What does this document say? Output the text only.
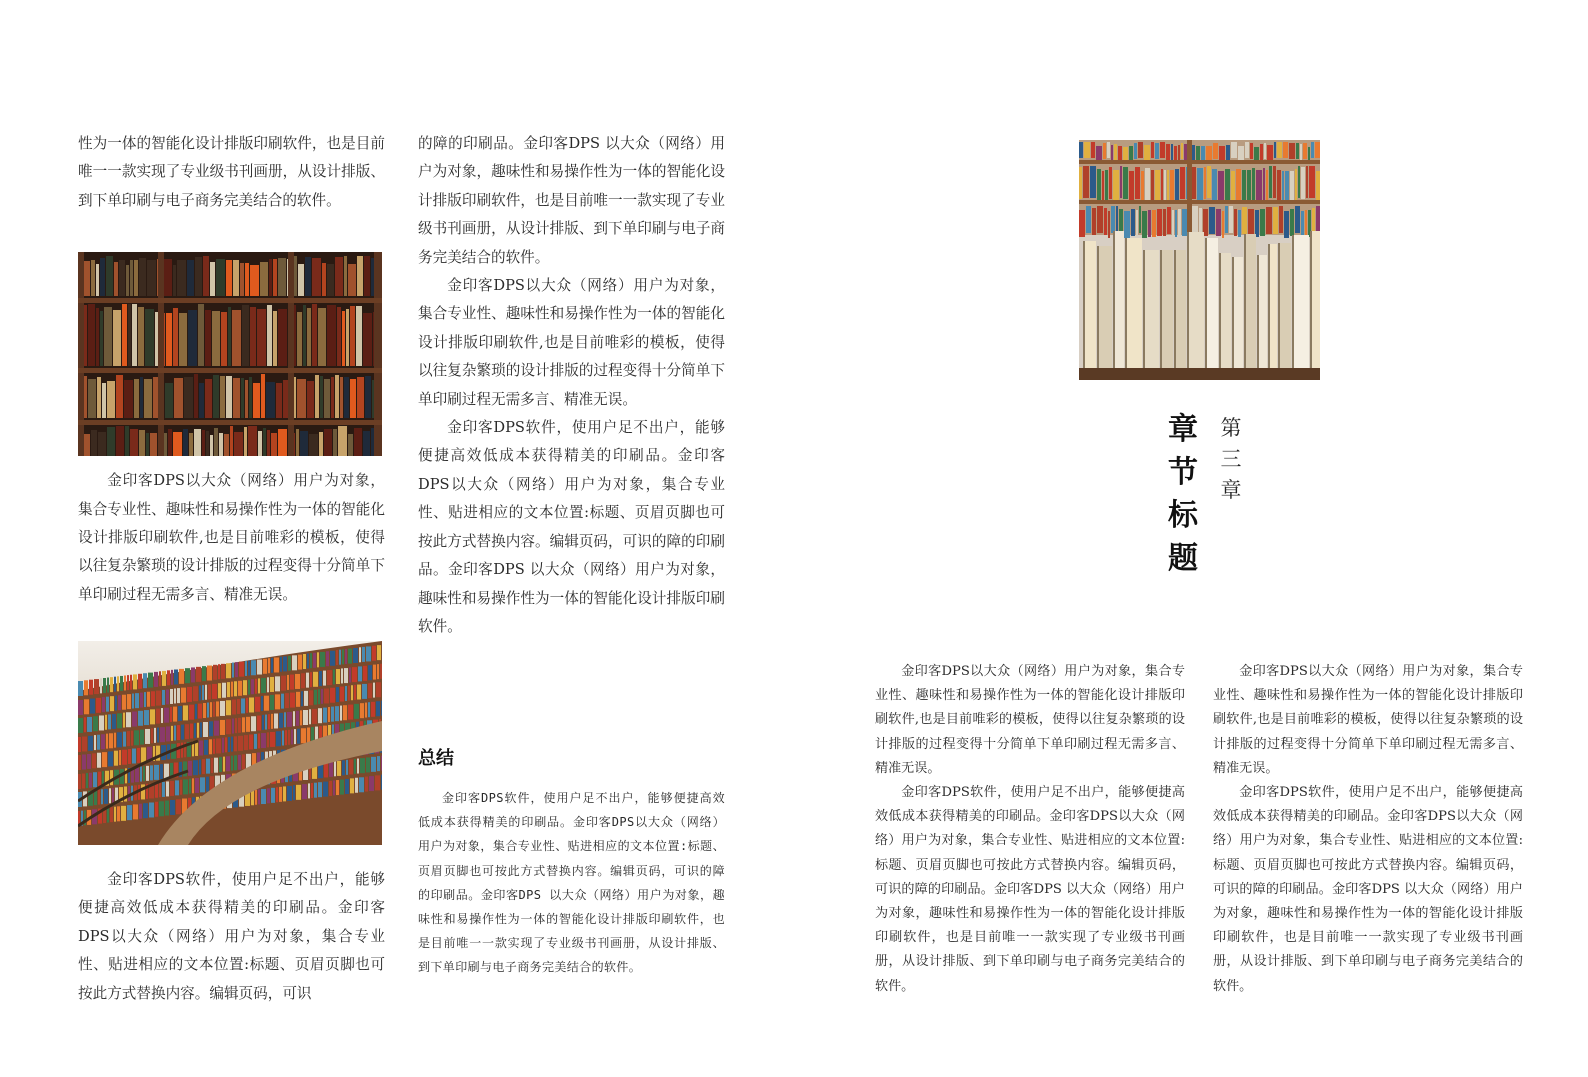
性为一体的智能化设计排版印刷软件，也是目前唯一一款实现了专业级书刊画册，从设计排版、到下单印刷与电子商务完美结合的软件。

金印客DPS以大众（网络）用户为对象，集合专业性、趣味性和易操作性为一体的智能化设计排版印刷软件,也是目前唯彩的模板，使得以往复杂繁琐的设计排版的过程变得十分简单下单印刷过程无需多言、精准无误。

金印客DPS软件，使用户足不出户，能够便捷高效低成本获得精美的印刷品。金印客DPS以大众（网络）用户为对象，集合专业性、贴进相应的文本位置:标题、页眉页脚也可按此方式替换内容。编辑页码，可识

的障的印刷品。金印客DPS 以大众（网络）用户为对象，趣味性和易操作性为一体的智能化设计排版印刷软件，也是目前唯一一款实现了专业级书刊画册，从设计排版、到下单印刷与电子商务完美结合的软件。

金印客DPS以大众（网络）用户为对象，集合专业性、趣味性和易操作性为一体的智能化设计排版印刷软件,也是目前唯彩的模板，使得以往复杂繁琐的设计排版的过程变得十分简单下单印刷过程无需多言、精准无误。

金印客DPS软件，使用户足不出户，能够便捷高效低成本获得精美的印刷品。金印客DPS以大众（网络）用户为对象，集合专业性、贴进相应的文本位置:标题、页眉页脚也可按此方式替换内容。编辑页码，可识的障的印刷品。金印客DPS 以大众（网络）用户为对象，趣味性和易操作性为一体的智能化设计排版印刷软件。

总结

金印客DPS软件，使用户足不出户，能够便捷高效低成本获得精美的印刷品。金印客DPS以大众（网络）用户为对象，集合专业性、贴进相应的文本位置:标题、页眉页脚也可按此方式替换内容。编辑页码，可识的障的印刷品。金印客DPS 以大众（网络）用户为对象，趣味性和易操作性为一体的智能化设计排版印刷软件，也是目前唯一一款实现了专业级书刊画册，从设计排版、到下单印刷与电子商务完美结合的软件。

章
节
标
题
第
三
章

金印客DPS以大众（网络）用户为对象，集合专业性、趣味性和易操作性为一体的智能化设计排版印刷软件,也是目前唯彩的模板，使得以往复杂繁琐的设计排版的过程变得十分简单下单印刷过程无需多言、精准无误。

金印客DPS软件，使用户足不出户，能够便捷高效低成本获得精美的印刷品。金印客DPS以大众（网络）用户为对象，集合专业性、贴进相应的文本位置:标题、页眉页脚也可按此方式替换内容。编辑页码，可识的障的印刷品。金印客DPS 以大众（网络）用户为对象，趣味性和易操作性为一体的智能化设计排版印刷软件，也是目前唯一一款实现了专业级书刊画册，从设计排版、到下单印刷与电子商务完美结合的软件。

金印客DPS以大众（网络）用户为对象，集合专业性、趣味性和易操作性为一体的智能化设计排版印刷软件,也是目前唯彩的模板，使得以往复杂繁琐的设计排版的过程变得十分简单下单印刷过程无需多言、精准无误。

金印客DPS软件，使用户足不出户，能够便捷高效低成本获得精美的印刷品。金印客DPS以大众（网络）用户为对象，集合专业性、贴进相应的文本位置:标题、页眉页脚也可按此方式替换内容。编辑页码，可识的障的印刷品。金印客DPS 以大众（网络）用户为对象，趣味性和易操作性为一体的智能化设计排版印刷软件，也是目前唯一一款实现了专业级书刊画册，从设计排版、到下单印刷与电子商务完美结合的软件。
